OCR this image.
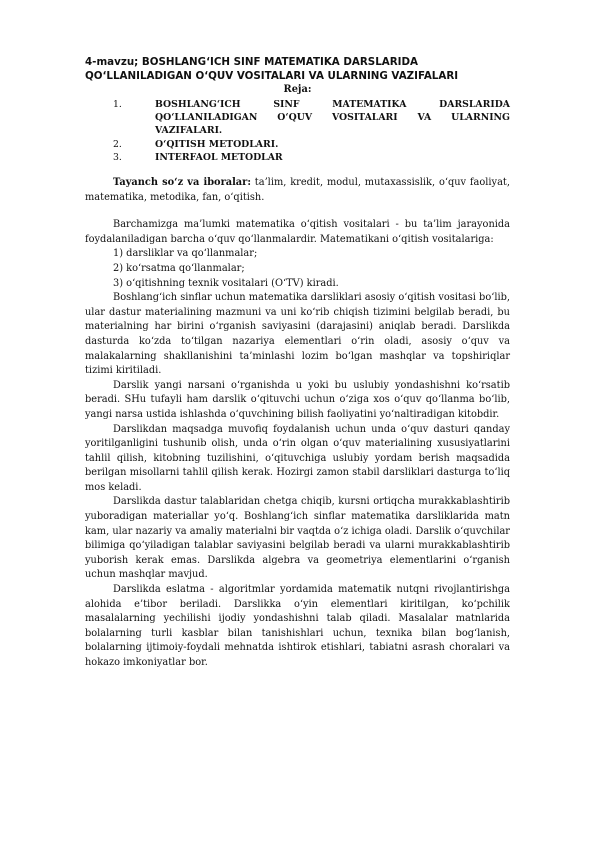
4-mavzu; BOSHLANG‘ICH SINF MATEMATIKA DARSLARIDA
QO‘LLANILADIGAN O‘QUV VOSITALARI VA ULARNING VAZIFALARI
Reja:
1.	BOSHLANG‘ICH SINF MATEMATIKA DARSLARIDA QO‘LLANILADIGAN O‘QUV VOSITALARI VA ULARNING VAZIFALARI.
2.	O‘QITISH METODLARI.
3.	INTERFAOL METODLAR

Tayanch so‘z va iboralar: ta’lim, kredit, modul, mutaxassislik, o‘quv faoliyat, matematika, metodika, fan, o‘qitish.

Barchamizga ma’lumki matematika o‘qitish vositalari - bu ta’lim jarayonida foydalaniladigan barcha o‘quv qo‘llanmalardir. Matematikani o‘qitish vositalariga:

1) darsliklar va qo‘llanmalar;
2) ko‘rsatma qo‘llanmalar;
3) o‘qitishning texnik vositalari (O‘TV) kiradi.

Boshlang‘ich sinflar uchun matematika darsliklari asosiy o‘qitish vositasi bo‘lib, ular dastur materialining mazmuni va uni ko‘rib chiqish tizimini belgilab beradi, bu materialning har birini o‘rganish saviyasini (darajasini) aniqlab beradi. Darslikda dasturda ko‘zda to‘tilgan nazariya elementlari o‘rin oladi, asosiy o‘quv va malakalarning shakllanishini ta’minlashi lozim bo‘lgan mashqlar va topshiriqlar tizimi kiritiladi.

Darslik yangi narsani o‘rganishda u yoki bu uslubiy yondashishni ko‘rsatib beradi. SHu tufayli ham darslik o‘qituvchi uchun o‘ziga xos o‘quv qo‘llanma bo‘lib, yangi narsa ustida ishlashda o‘quvchining bilish faoliyatini yo‘naltiradigan kitobdir.

Darslikdan maqsadga muvofiq foydalanish uchun unda o‘quv dasturi qanday yoritilganligini tushunib olish, unda o‘rin olgan o‘quv materialining xususiyatlarini tahlil qilish, kitobning tuzilishini, o‘qituvchiga uslubiy yordam berish maqsadida berilgan misollarni tahlil qilish kerak. Hozirgi zamon stabil darsliklari dasturga to‘liq mos keladi.

Darslikda dastur talablaridan chetga chiqib, kursni ortiqcha murakkablashtirib yuboradigan materiallar yo‘q. Boshlang‘ich sinflar matematika darsliklarida matn kam, ular nazariy va amaliy materialni bir vaqtda o‘z ichiga oladi. Darslik o‘quvchilar bilimiga qo‘yiladigan talablar saviyasini belgilab beradi va ularni murakkablashtirib yuborish kerak emas. Darslikda algebra va geometriya elementlarini o‘rganish uchun mashqlar mavjud.

Darslikda eslatma - algoritmlar yordamida matematik nutqni rivojlantirishga alohida e’tibor beriladi. Darslikka o‘yin elementlari kiritilgan, ko‘pchilik masalalarning yechilishi ijodiy yondashishni talab qiladi. Masalalar matnlarida bolalarning turli kasblar bilan tanishishlari uchun, texnika bilan bog‘lanish, bolalarning ijtimoiy-foydali mehnatda ishtirok etishlari, tabiatni asrash choralari va hokazo imkoniyatlar bor.
